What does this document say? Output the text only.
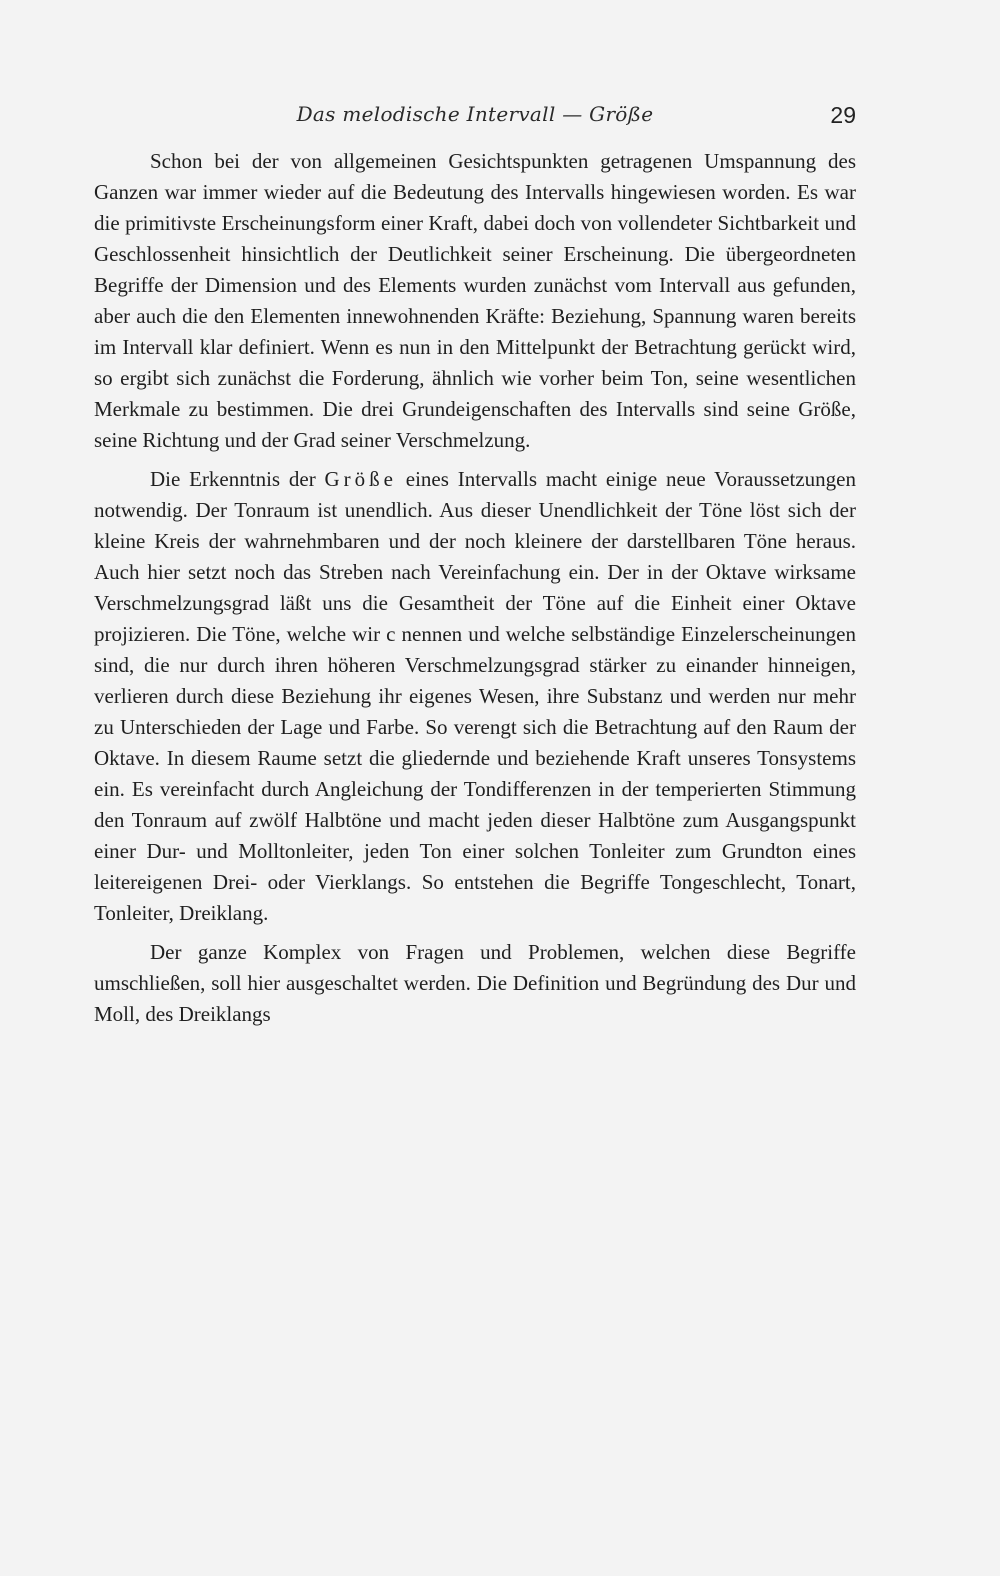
Das melodische Intervall — Größe	29

Schon bei der von allgemeinen Gesichtspunkten getragenen Umspannung des Ganzen war immer wieder auf die Bedeutung des Intervalls hingewiesen worden. Es war die primitivste Erscheinungsform einer Kraft, dabei doch von vollendeter Sichtbarkeit und Geschlossenheit hinsichtlich der Deutlichkeit seiner Erscheinung. Die übergeordneten Begriffe der Dimension und des Elements wurden zunächst vom Intervall aus gefunden, aber auch die den Elementen innewohnenden Kräfte: Beziehung, Spannung waren bereits im Intervall klar definiert. Wenn es nun in den Mittelpunkt der Betrachtung gerückt wird, so ergibt sich zunächst die Forderung, ähnlich wie vorher beim Ton, seine wesentlichen Merkmale zu bestimmen. Die drei Grundeigenschaften des Intervalls sind seine Größe, seine Richtung und der Grad seiner Verschmelzung.

Die Erkenntnis der Größe eines Intervalls macht einige neue Voraussetzungen notwendig. Der Tonraum ist unendlich. Aus dieser Unendlichkeit der Töne löst sich der kleine Kreis der wahrnehmbaren und der noch kleinere der darstellbaren Töne heraus. Auch hier setzt noch das Streben nach Vereinfachung ein. Der in der Oktave wirksame Verschmelzungsgrad läßt uns die Gesamtheit der Töne auf die Einheit einer Oktave projizieren. Die Töne, welche wir c nennen und welche selbständige Einzelerscheinungen sind, die nur durch ihren höheren Verschmelzungsgrad stärker zu einander hinneigen, verlieren durch diese Beziehung ihr eigenes Wesen, ihre Substanz und werden nur mehr zu Unterschieden der Lage und Farbe. So verengt sich die Betrachtung auf den Raum der Oktave. In diesem Raume setzt die gliedernde und beziehende Kraft unseres Tonsystems ein. Es vereinfacht durch Angleichung der Tondifferenzen in der temperierten Stimmung den Tonraum auf zwölf Halbtöne und macht jeden dieser Halbtöne zum Ausgangspunkt einer Dur- und Molltonleiter, jeden Ton einer solchen Tonleiter zum Grundton eines leitereigenen Drei- oder Vierklangs. So entstehen die Begriffe Tongeschlecht, Tonart, Tonleiter, Dreiklang.

Der ganze Komplex von Fragen und Problemen, welchen diese Begriffe umschließen, soll hier ausgeschaltet werden. Die Definition und Begründung des Dur und Moll, des Dreiklangs
